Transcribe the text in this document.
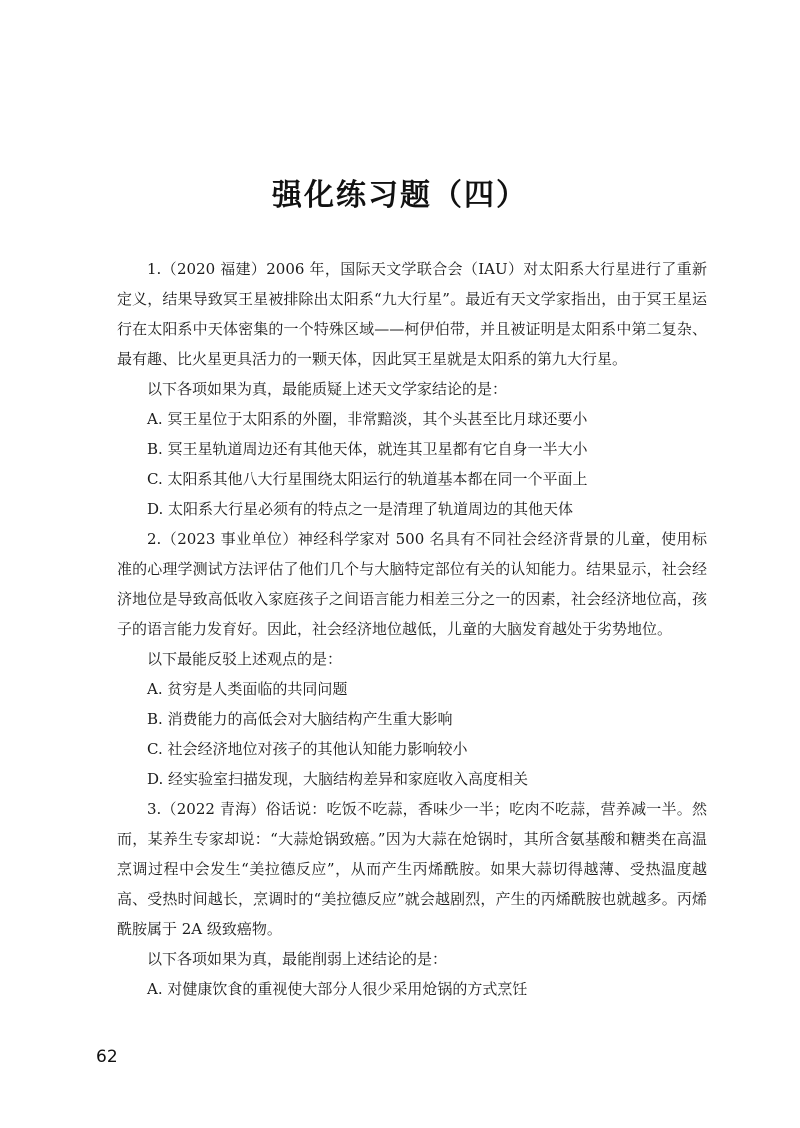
强化练习题（四）

1.（2020 福建）2006 年，国际天文学联合会（IAU）对太阳系大行星进行了重新定义，结果导致冥王星被排除出太阳系“九大行星”。最近有天文学家指出，由于冥王星运行在太阳系中天体密集的一个特殊区域——柯伊伯带，并且被证明是太阳系中第二复杂、最有趣、比火星更具活力的一颗天体，因此冥王星就是太阳系的第九大行星。

以下各项如果为真，最能质疑上述天文学家结论的是：

A. 冥王星位于太阳系的外圈，非常黯淡，其个头甚至比月球还要小

B. 冥王星轨道周边还有其他天体，就连其卫星都有它自身一半大小

C. 太阳系其他八大行星围绕太阳运行的轨道基本都在同一个平面上

D. 太阳系大行星必须有的特点之一是清理了轨道周边的其他天体

2.（2023 事业单位）神经科学家对 500 名具有不同社会经济背景的儿童，使用标准的心理学测试方法评估了他们几个与大脑特定部位有关的认知能力。结果显示，社会经济地位是导致高低收入家庭孩子之间语言能力相差三分之一的因素，社会经济地位高，孩子的语言能力发育好。因此，社会经济地位越低，儿童的大脑发育越处于劣势地位。

以下最能反驳上述观点的是：

A. 贫穷是人类面临的共同问题

B. 消费能力的高低会对大脑结构产生重大影响

C. 社会经济地位对孩子的其他认知能力影响较小

D. 经实验室扫描发现，大脑结构差异和家庭收入高度相关

3.（2022 青海）俗话说：吃饭不吃蒜，香味少一半；吃肉不吃蒜，营养减一半。然而，某养生专家却说：“大蒜炝锅致癌。”因为大蒜在炝锅时，其所含氨基酸和糖类在高温烹调过程中会发生“美拉德反应”，从而产生丙烯酰胺。如果大蒜切得越薄、受热温度越高、受热时间越长，烹调时的“美拉德反应”就会越剧烈，产生的丙烯酰胺也就越多。丙烯酰胺属于 2A 级致癌物。

以下各项如果为真，最能削弱上述结论的是：

A. 对健康饮食的重视使大部分人很少采用炝锅的方式烹饪

62
